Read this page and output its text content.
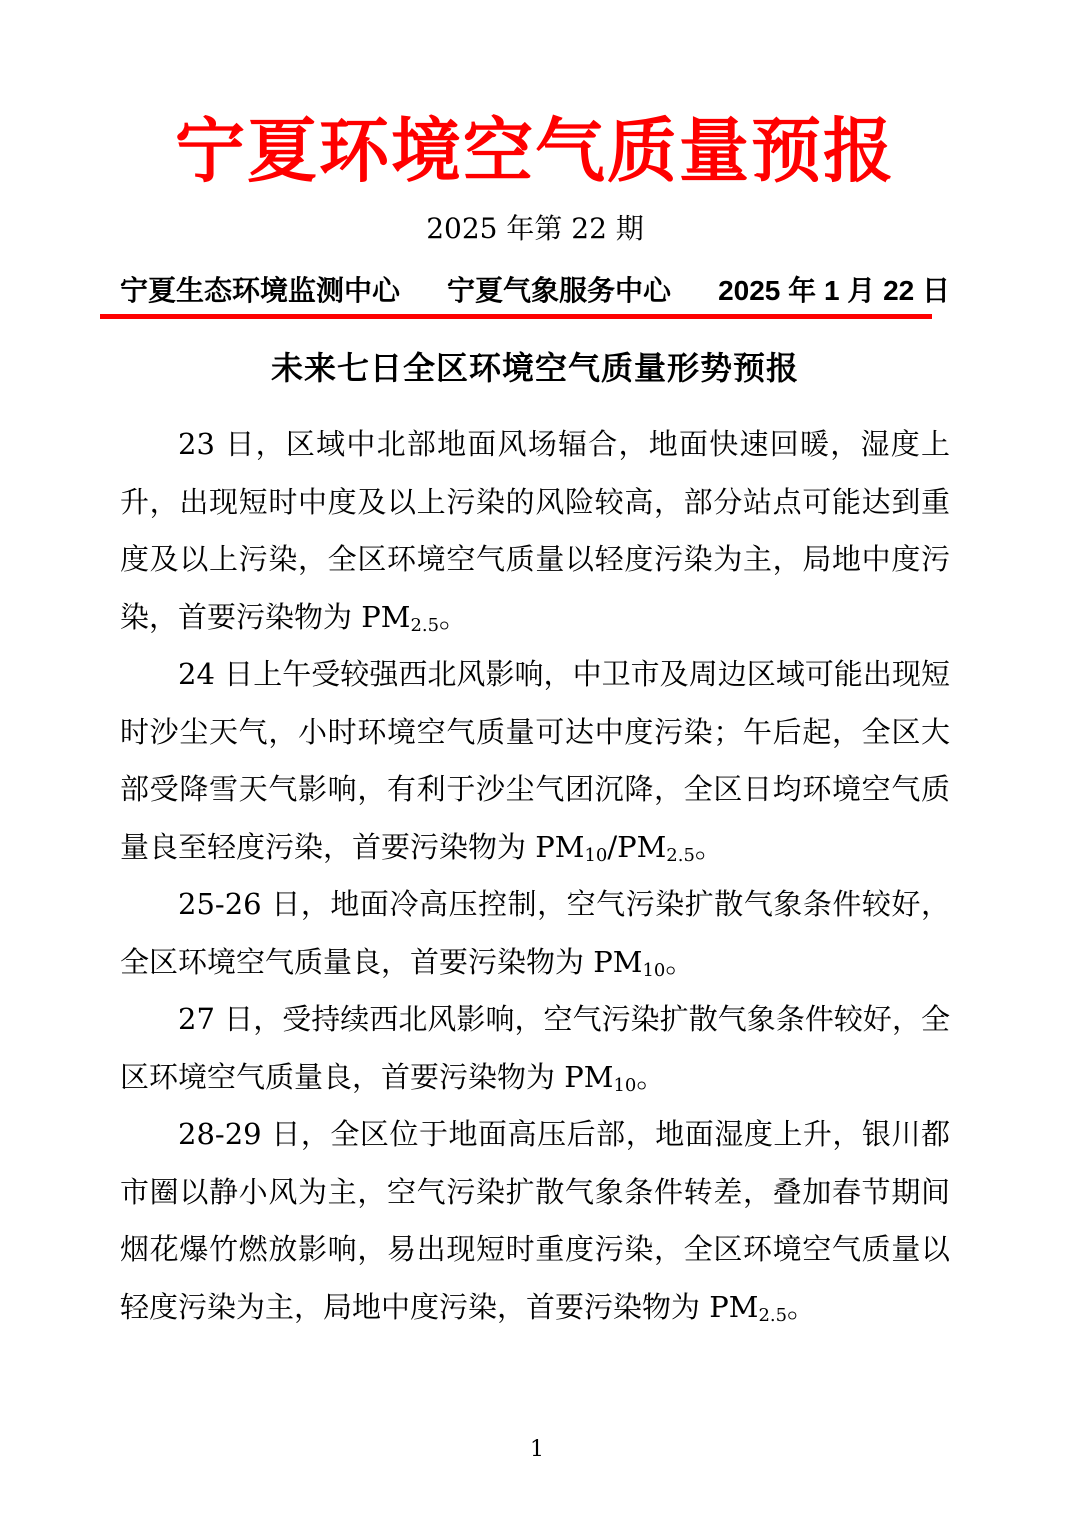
宁夏环境空气质量预报
2025 年第 22 期
宁夏生态环境监测中心 宁夏气象服务中心 2025 年 1 月 22 日
未来七日全区环境空气质量形势预报

23 日，区域中北部地面风场辐合，地面快速回暖，湿度上升，出现短时中度及以上污染的风险较高，部分站点可能达到重度及以上污染，全区环境空气质量以轻度污染为主，局地中度污染，首要污染物为 $PM_{2.5}$。

24 日上午受较强西北风影响，中卫市及周边区域可能出现短时沙尘天气，小时环境空气质量可达中度污染；午后起，全区大部受降雪天气影响，有利于沙尘气团沉降，全区日均环境空气质量良至轻度污染，首要污染物为 $PM_{10}/PM_{2.5}$。

25-26 日，地面冷高压控制，空气污染扩散气象条件较好，全区环境空气质量良，首要污染物为 $PM_{10}$。

27 日，受持续西北风影响，空气污染扩散气象条件较好，全区环境空气质量良，首要污染物为 $PM_{10}$。

28-29 日，全区位于地面高压后部，地面湿度上升，银川都市圈以静小风为主，空气污染扩散气象条件转差，叠加春节期间烟花爆竹燃放影响，易出现短时重度污染，全区环境空气质量以轻度污染为主，局地中度污染，首要污染物为 $PM_{2.5}$。

1
